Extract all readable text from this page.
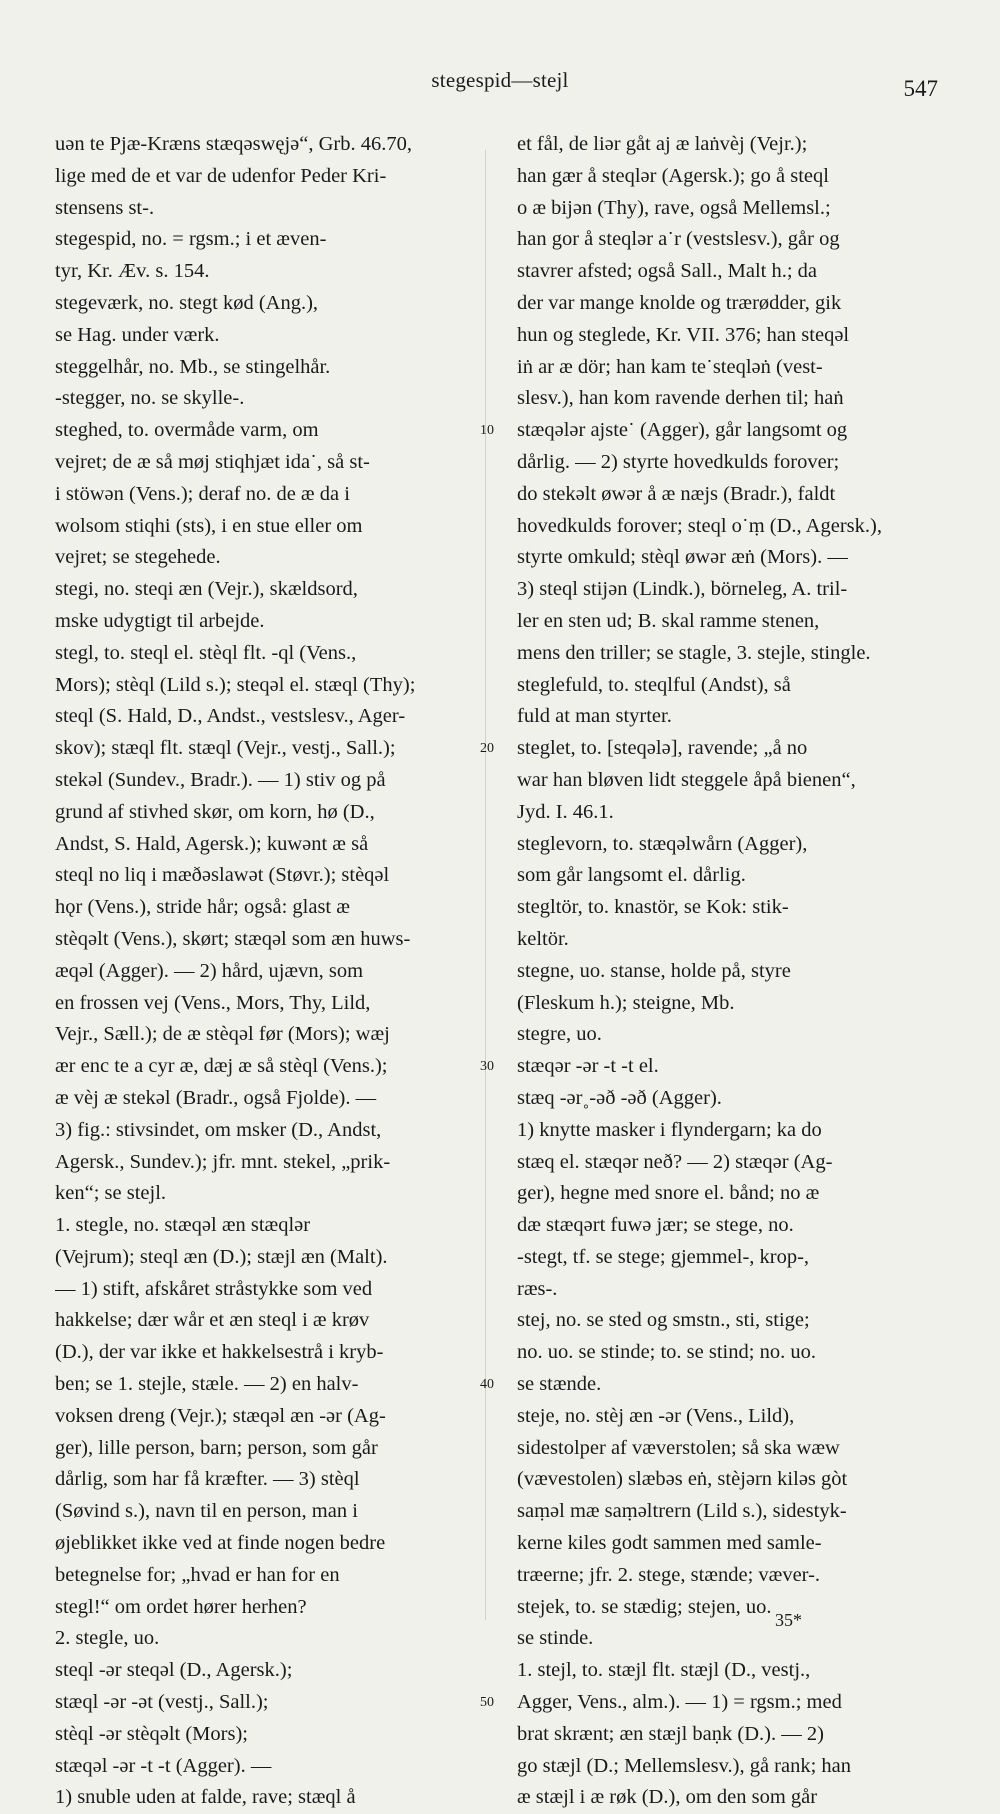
stegespid—stejl	547
uən te Pjæ-Kræns stæqəswęjə“, Grb. 46.70,
lige med de et var de udenfor Peder Kri-
stensens st-.
stegespid, no. = rgsm.; i et æven-
tyr, Kr. Æv. s. 154.
stegeværk, no. stegt kød (Ang.),
se Hag. under værk.
steggelhår, no. Mb., se stingelhår.
-stegger, no. se skylle-.
steghed, to. overmåde varm, om
vejret; de æ så møj stiqhjæt ida˙, så st-
i stöwən (Vens.); deraf no. de æ da i
wolsom stiqhi (sts), i en stue eller om
vejret; se stegehede.
stegi, no. steqi æn (Vejr.), skældsord,
mske udygtigt til arbejde.
stegl, to. steql el. stèql flt. -ql (Vens.,
Mors); stèql (Lild s.); steqəl el. stæql (Thy);
steql (S. Hald, D., Andst., vestslesv., Ager-
skov); stæql flt. stæql (Vejr., vestj., Sall.);
stekəl (Sundev., Bradr.). — 1) stiv og på
grund af stivhed skør, om korn, hø (D.,
Andst, S. Hald, Agersk.); kuwənt æ så
steql no liq i mæðəslawət (Støvr.); stèqəl
hǫr (Vens.), stride hår; også: glast æ
stèqəlt (Vens.), skørt; stæqəl som æn huws-
æqəl (Agger). — 2) hård, ujævn, som
en frossen vej (Vens., Mors, Thy, Lild,
Vejr., Sæll.); de æ stèqəl før (Mors); wæj
ær enc te a cyr æ, dæj æ så stèql (Vens.);
æ vèj æ stekəl (Bradr., også Fjolde). —
3) fig.: stivsindet, om msker (D., Andst,
Agersk., Sundev.); jfr. mnt. stekel, „prik-
ken“; se stejl.
1. stegle, no. stæqəl æn stæqlər
(Vejrum); steql æn (D.); stæjl æn (Malt).
— 1) stift, afskåret stråstykke som ved
hakkelse; dær wår et æn steql i æ krøv
(D.), der var ikke et hakkelsestrå i kryb-
ben; se 1. stejle, stæle. — 2) en halv-
voksen dreng (Vejr.); stæqəl æn -ər (Ag-
ger), lille person, barn; person, som går
dårlig, som har få kræfter. — 3) stèql
(Søvind s.), navn til en person, man i
øjeblikket ikke ved at finde nogen bedre
betegnelse for; „hvad er han for en
stegl!“ om ordet hører herhen?
2. stegle, uo.
steql -ər steqəl (D., Agersk.);
stæql -ər -ət (vestj., Sall.);
stèql -ər stèqəlt (Mors);
stæqəl -ər -t -t (Agger). —
1) snuble uden at falde, rave; stæql å
et fål, de liər gåt aj æ laṅvèj (Vejr.);
han gær å steqlər (Agersk.); go å steql
o æ bijən (Thy), rave, også Mellemsl.;
han gor å steqlər a˙r (vestslesv.), går og
stavrer afsted; også Sall., Malt h.; da
der var mange knolde og trærødder, gik
hun og steglede, Kr. VII. 376; han steqəl
iṅ ar æ dör; han kam te˙steqləṅ (vest-
slesv.), han kom ravende derhen til; haṅ
stæqələr ajste˙ (Agger), går langsomt og
dårlig. — 2) styrte hovedkulds forover;
do stekəlt øwər å æ næjs (Bradr.), faldt
hovedkulds forover; steql o˙ṃ (D., Agersk.),
styrte omkuld; stèql øwər æṅ (Mors). —
3) steql stijən (Lindk.), börneleg, A. tril-
ler en sten ud; B. skal ramme stenen,
mens den triller; se stagle, 3. stejle, stingle.
steglefuld, to. steqlful (Andst), så
fuld at man styrter.
steglet, to. [steqələ], ravende; „å no
war han bløven lidt steggele åpå bienen“,
Jyd. I. 46.1.
steglevorn, to. stæqəlwårn (Agger),
som går langsomt el. dårlig.
stegltör, to. knastör, se Kok: stik-
keltör.
stegne, uo. stanse, holde på, styre
(Fleskum h.); steigne, Mb.
stegre, uo.
stæqər -ər -t -t el.
stæq -ər˳-əð -əð (Agger).
1) knytte masker i flyndergarn; ka do
stæq el. stæqər neð? — 2) stæqər (Ag-
ger), hegne med snore el. bånd; no æ
dæ stæqərt fuwə jær; se stege, no.
-stegt, tf. se stege; gjemmel-, krop-,
ræs-.
stej, no. se sted og smstn., sti, stige;
no. uo. se stinde; to. se stind; no. uo.
se stænde.
steje, no. stèj æn -ər (Vens., Lild),
sidestolper af væverstolen; så ska wæw
(vævestolen) slæbəs eṅ, stèjərn kiləs gòt
saṃəl mæ saṃəltrern (Lild s.), sidestyk-
kerne kiles godt sammen med samle-
træerne; jfr. 2. stege, stænde; væver-.
stejek, to. se stædig; stejen, uo.
se stinde.
1. stejl, to. stæjl flt. stæjl (D., vestj.,
Agger, Vens., alm.). — 1) = rgsm.; med
brat skrænt; æn stæjl baṇk (D.). — 2)
go stæjl (D.; Mellemslesv.), gå rank; han
æ stæjl i æ røk (D.), om den som går
10
20
30
40
50
35*
